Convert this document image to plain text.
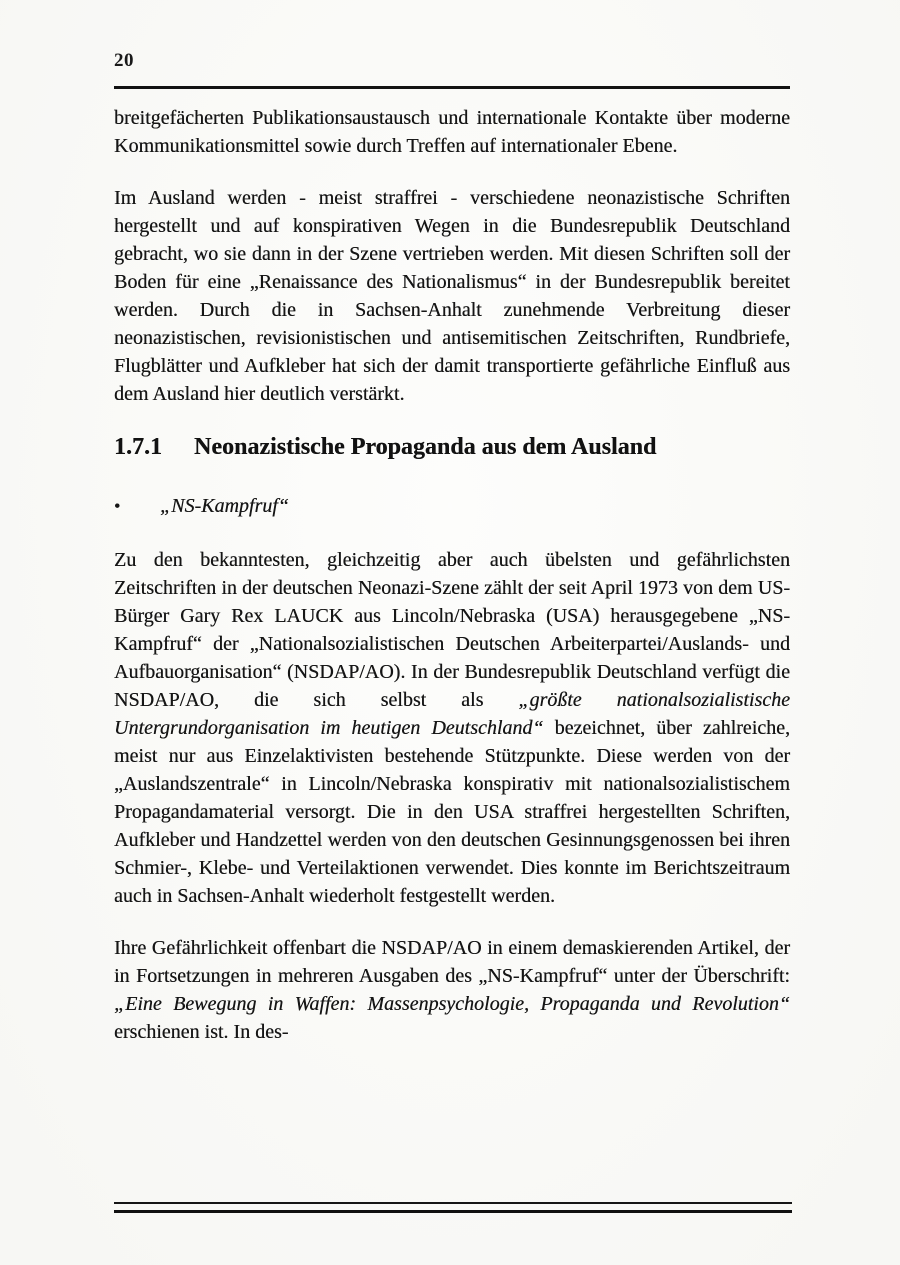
20

breitgefächerten Publikationsaustausch und internationale Kontakte über moderne Kommunikationsmittel sowie durch Treffen auf internationaler Ebene.

Im Ausland werden - meist straffrei - verschiedene neonazistische Schriften hergestellt und auf konspirativen Wegen in die Bundesrepublik Deutschland gebracht, wo sie dann in der Szene vertrieben werden. Mit diesen Schriften soll der Boden für eine „Renaissance des Nationalismus“ in der Bundesrepublik bereitet werden. Durch die in Sachsen-Anhalt zunehmende Verbreitung dieser neonazistischen, revisionistischen und antisemitischen Zeitschriften, Rundbriefe, Flugblätter und Aufkleber hat sich der damit transportierte gefährliche Einfluß aus dem Ausland hier deutlich verstärkt.

1.7.1 Neonazistische Propaganda aus dem Ausland
•	„NS-Kampfruf“

Zu den bekanntesten, gleichzeitig aber auch übelsten und gefährlichsten Zeitschriften in der deutschen Neonazi-Szene zählt der seit April 1973 von dem US-Bürger Gary Rex LAUCK aus Lincoln/Nebraska (USA) herausgegebene „NS-Kampfruf“ der „Nationalsozialistischen Deutschen Arbeiterpartei/Auslands- und Aufbauorganisation“ (NSDAP/AO). In der Bundesrepublik Deutschland verfügt die NSDAP/AO, die sich selbst als „größte nationalsozialistische Untergrundorganisation im heutigen Deutschland“ bezeichnet, über zahlreiche, meist nur aus Einzelaktivisten bestehende Stützpunkte. Diese werden von der „Auslandszentrale“ in Lincoln/Nebraska konspirativ mit nationalsozialistischem Propagandamaterial versorgt. Die in den USA straffrei hergestellten Schriften, Aufkleber und Handzettel werden von den deutschen Gesinnungsgenossen bei ihren Schmier-, Klebe- und Verteilaktionen verwendet. Dies konnte im Berichtszeitraum auch in Sachsen-Anhalt wiederholt festgestellt werden.

Ihre Gefährlichkeit offenbart die NSDAP/AO in einem demaskierenden Artikel, der in Fortsetzungen in mehreren Ausgaben des „NS-Kampfruf“ unter der Überschrift: „Eine Bewegung in Waffen: Massenpsychologie, Propaganda und Revolution“ erschienen ist. In des-
